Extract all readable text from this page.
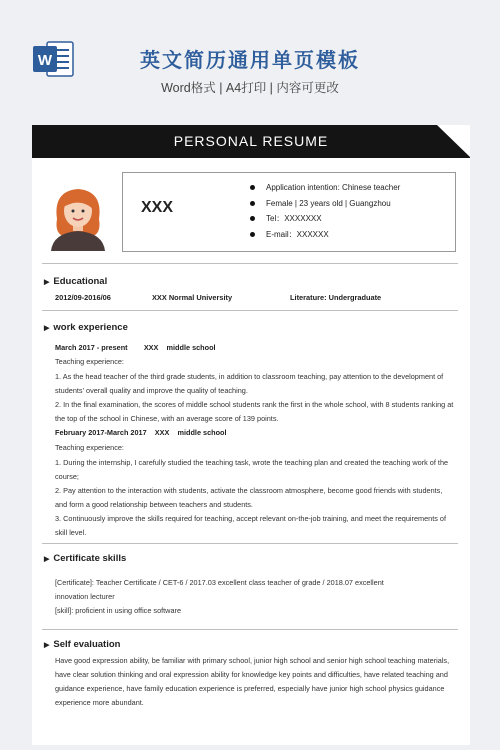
W	英文简历通用单页模板
Word格式 | A4打印 | 内容可更改
PERSONAL RESUME
XXX
Application intention: Chinese teacher
Female | 23 years old | Guangzhou
Tel：XXXXXXX
E-mail：XXXXXX
▶ Educational
2012/09-2016/06	XXX Normal University	Literature: Undergraduate
▶ work experience
March 2017 - present        XXX    middle school
Teaching experience:
1. As the head teacher of the third grade students, in addition to classroom teaching, pay attention to the development of students' overall quality and improve the quality of teaching.
2. In the final examination, the scores of middle school students rank the first in the whole school, with 8 students ranking at the top of the school in Chinese, with an average score of 139 points.
February 2017-March 2017    XXX    middle school
Teaching experience:
1. During the internship, I carefully studied the teaching task, wrote the teaching plan and created the teaching work of the course;
2. Pay attention to the interaction with students, activate the classroom atmosphere, become good friends with students, and form a good relationship between teachers and students.
3. Continuously improve the skills required for teaching, accept relevant on-the-job training, and meet the requirements of skill level.
▶ Certificate skills
[Certificate]: Teacher Certificate / CET-6 / 2017.03 excellent class teacher of grade / 2018.07 excellent innovation lecturer
[skill]: proficient in using office software
▶ Self evaluation
Have good expression ability, be familiar with primary school, junior high school and senior high school teaching materials, have clear solution thinking and oral expression ability for knowledge key points and difficulties, have related teaching and guidance experience, have family education experience is preferred, especially have junior high school physics guidance experience more abundant.
